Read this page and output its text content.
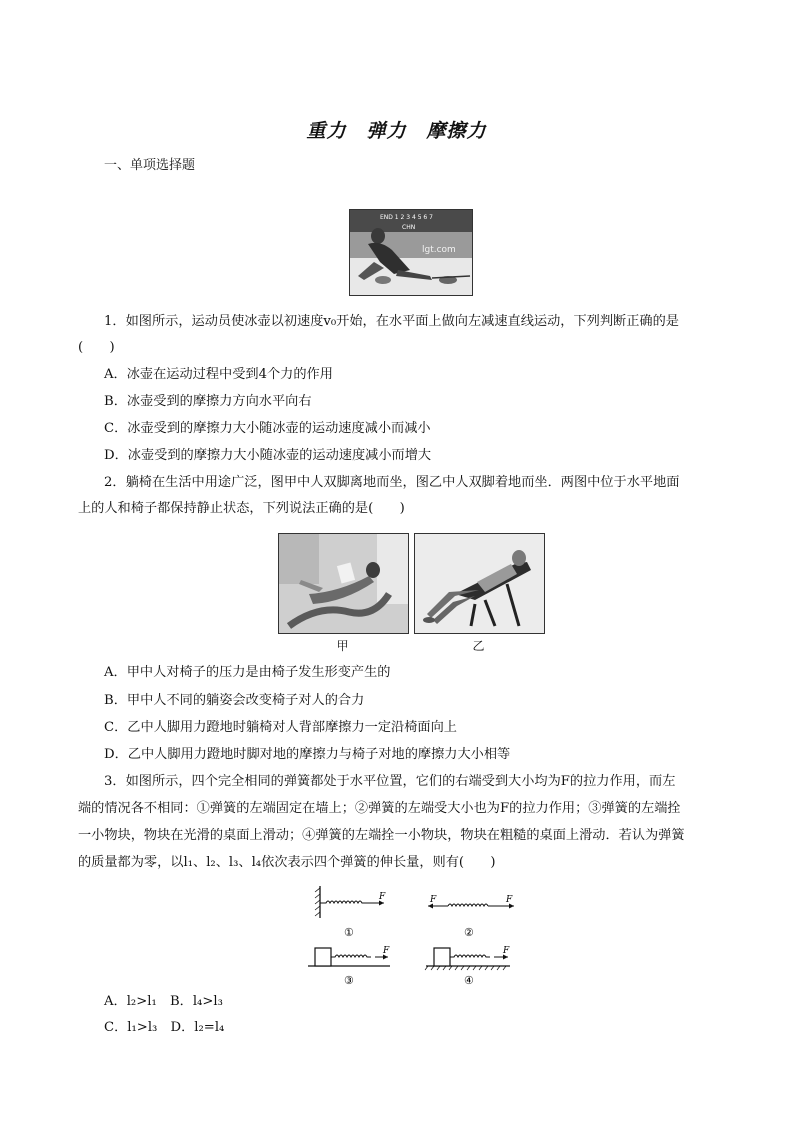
重力　弹力　摩擦力
一、单项选择题
END 1 2 3 4 5 6 7
CHN
lgt.com
1．如图所示，运动员使冰壶以初速度v₀开始，在水平面上做向左减速直线运动，下列判断正确的是
(　　)
A．冰壶在运动过程中受到4个力的作用
B．冰壶受到的摩擦力方向水平向右
C．冰壶受到的摩擦力大小随冰壶的运动速度减小而减小
D．冰壶受到的摩擦力大小随冰壶的运动速度减小而增大
2．躺椅在生活中用途广泛，图甲中人双脚离地而坐，图乙中人双脚着地而坐．两图中位于水平地面
上的人和椅子都保持静止状态，下列说法正确的是(　　)
甲	乙
A．甲中人对椅子的压力是由椅子发生形变产生的
B．甲中人不同的躺姿会改变椅子对人的合力
C．乙中人脚用力蹬地时躺椅对人背部摩擦力一定沿椅面向上
D．乙中人脚用力蹬地时脚对地的摩擦力与椅子对地的摩擦力大小相等
3．如图所示，四个完全相同的弹簧都处于水平位置，它们的右端受到大小均为F的拉力作用，而左
端的情况各不相同：①弹簧的左端固定在墙上；②弹簧的左端受大小也为F的拉力作用；③弹簧的左端拴
一小物块，物块在光滑的桌面上滑动；④弹簧的左端拴一小物块，物块在粗糙的桌面上滑动．若认为弹簧
的质量都为零，以l₁、l₂、l₃、l₄依次表示四个弹簧的伸长量，则有(　　)
F
①
F	F
②
F
③
F
④
A．l₂>l₁　B．l₄>l₃
C．l₁>l₃　D．l₂=l₄
